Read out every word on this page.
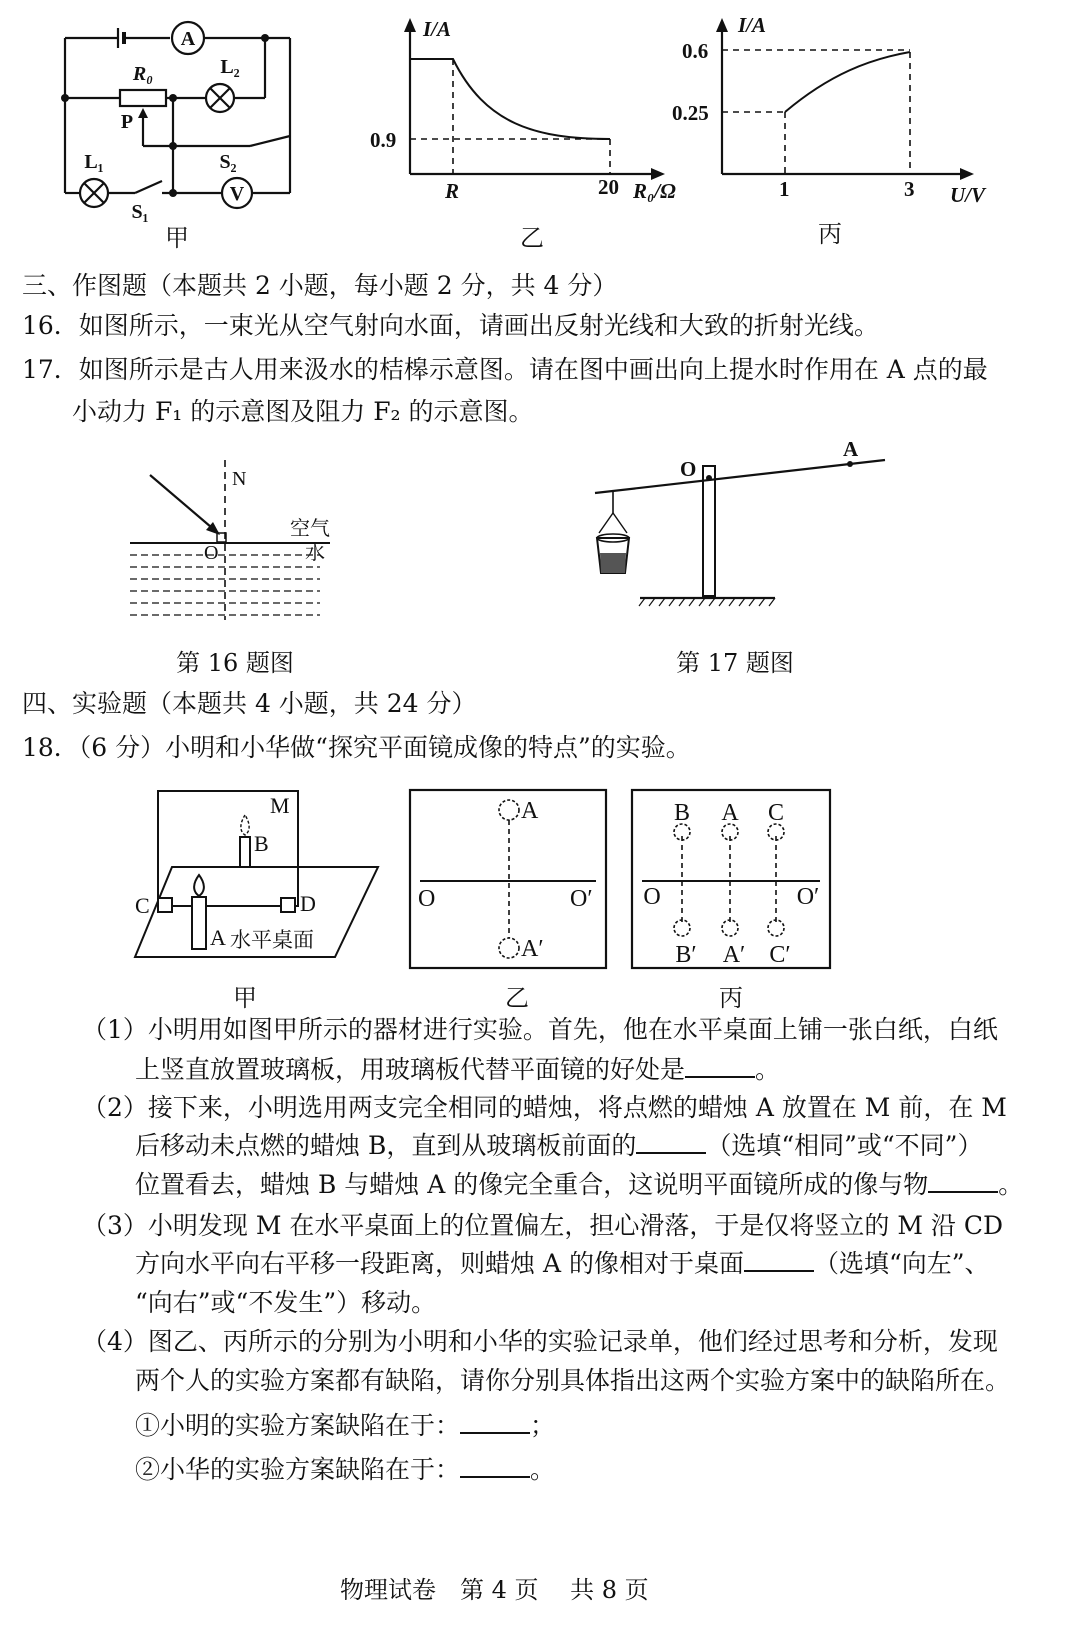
A
V
R₀
P
L₂
L₁
S₁
S₂
甲
I/A
0.9
R	20 R₀/Ω
乙
I/A
0.6
0.25
1	3 U/V
丙
三、作图题（本题共 2 小题，每小题 2 分，共 4 分）
16．如图所示，一束光从空气射向水面，请画出反射光线和大致的折射光线。
17．如图所示是古人用来汲水的桔槔示意图。请在图中画出向上提水时作用在 A 点的最
小动力 F₁ 的示意图及阻力 F₂ 的示意图。
N
O
空气
水
第 16 题图
O
A
第 17 题图
四、实验题（本题共 4 小题，共 24 分）
18．（6 分）小明和小华做“探究平面镜成像的特点”的实验。
M
B
C	D
A 水平桌面
甲
A
A′
O	O′
乙
B A C
B′ A′ C′
O	O′
丙
（1）小明用如图甲所示的器材进行实验。首先，他在水平桌面上铺一张白纸，白纸
上竖直放置玻璃板，用玻璃板代替平面镜的好处是	。
（2）接下来，小明选用两支完全相同的蜡烛，将点燃的蜡烛 A 放置在 M 前，在 M
后移动未点燃的蜡烛 B，直到从玻璃板前面的	（选填“相同”或“不同”）
位置看去，蜡烛 B 与蜡烛 A 的像完全重合，这说明平面镜所成的像与物	。
（3）小明发现 M 在水平桌面上的位置偏左，担心滑落，于是仅将竖立的 M 沿 CD
方向水平向右平移一段距离，则蜡烛 A 的像相对于桌面	（选填“向左”、
“向右”或“不发生”）移动。
（4）图乙、丙所示的分别为小明和小华的实验记录单，他们经过思考和分析，发现
两个人的实验方案都有缺陷，请你分别具体指出这两个实验方案中的缺陷所在。
①小明的实验方案缺陷在于：	；
②小华的实验方案缺陷在于：	。
物理试卷　第 4 页　 共 8 页
